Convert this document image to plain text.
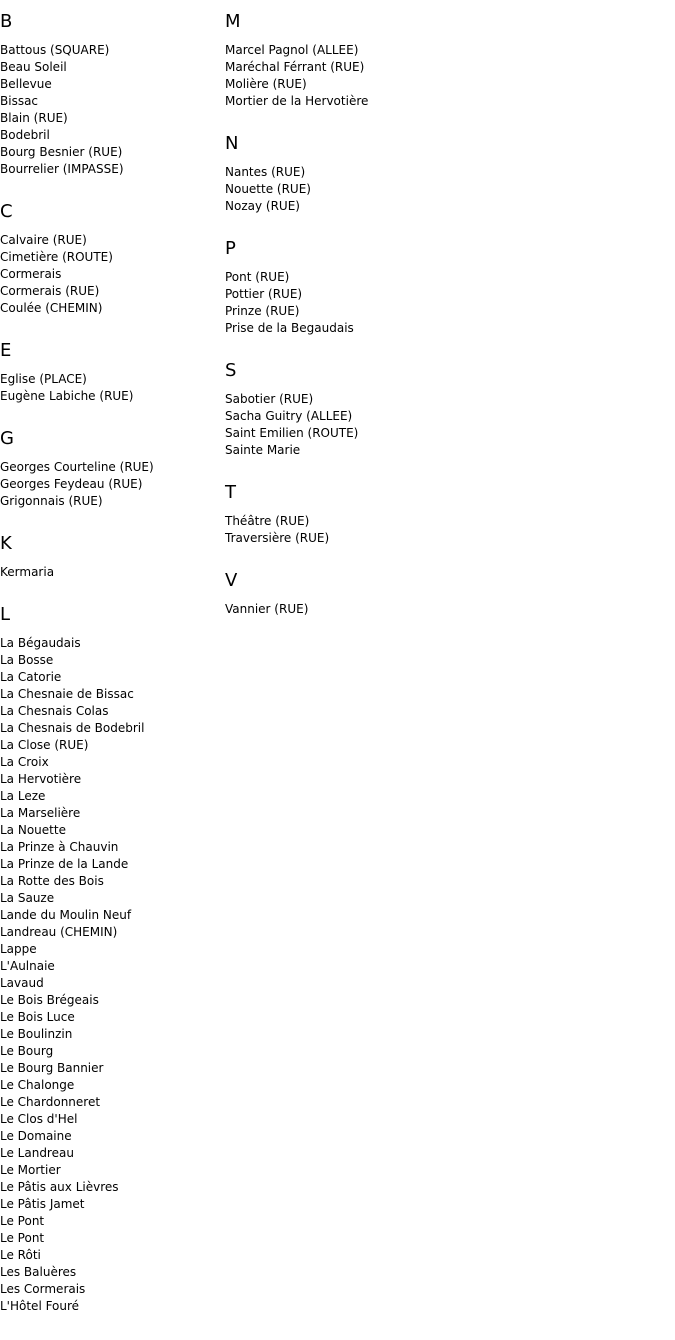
B
Battous (SQUARE)
Beau Soleil
Bellevue
Bissac
Blain (RUE)
Bodebril
Bourg Besnier (RUE)
Bourrelier (IMPASSE)
C
Calvaire (RUE)
Cimetière (ROUTE)
Cormerais
Cormerais (RUE)
Coulée (CHEMIN)
E
Eglise (PLACE)
Eugène Labiche (RUE)
G
Georges Courteline (RUE)
Georges Feydeau (RUE)
Grigonnais (RUE)
K
Kermaria
L
La Bégaudais
La Bosse
La Catorie
La Chesnaie de Bissac
La Chesnais Colas
La Chesnais de Bodebril
La Close (RUE)
La Croix
La Hervotière
La Leze
La Marselière
La Nouette
La Prinze à Chauvin
La Prinze de la Lande
La Rotte des Bois
La Sauze
Lande du Moulin Neuf
Landreau (CHEMIN)
Lappe
L'Aulnaie
Lavaud
Le Bois Brégeais
Le Bois Luce
Le Boulinzin
Le Bourg
Le Bourg Bannier
Le Chalonge
Le Chardonneret
Le Clos d'Hel
Le Domaine
Le Landreau
Le Mortier
Le Pâtis aux Lièvres
Le Pâtis Jamet
Le Pont
Le Pont
Le Rôti
Les Baluères
Les Cormerais
L'Hôtel Fouré
M
Marcel Pagnol (ALLEE)
Maréchal Férrant (RUE)
Molière (RUE)
Mortier de la Hervotière
N
Nantes (RUE)
Nouette (RUE)
Nozay (RUE)
P
Pont (RUE)
Pottier (RUE)
Prinze (RUE)
Prise de la Begaudais
S
Sabotier (RUE)
Sacha Guitry (ALLEE)
Saint Emilien (ROUTE)
Sainte Marie
T
Théâtre (RUE)
Traversière (RUE)
V
Vannier (RUE)
